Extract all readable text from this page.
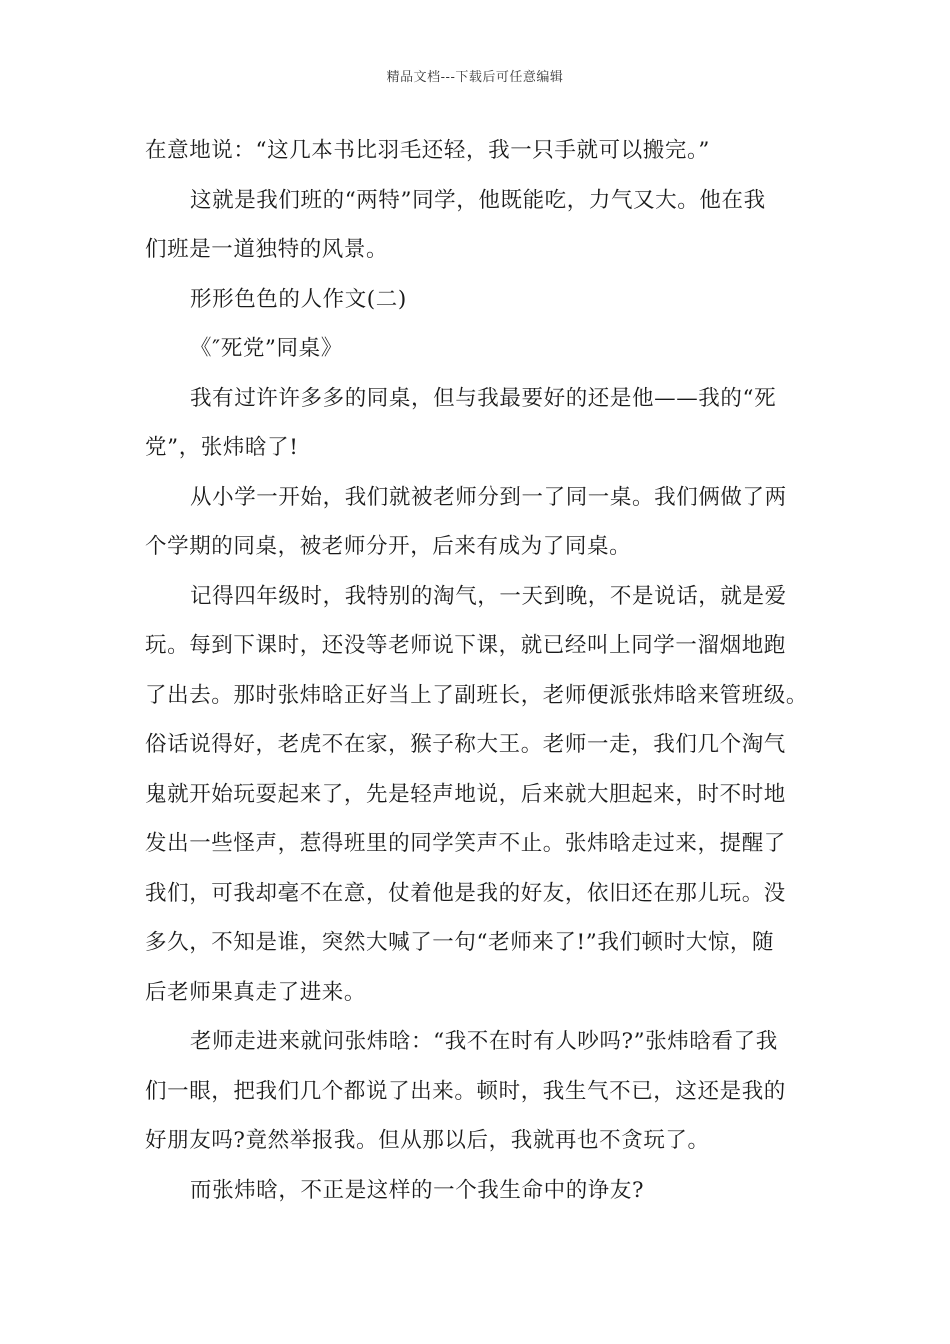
精品文档---下载后可任意编辑
在意地说：“这几本书比羽毛还轻，我一只手就可以搬完。”
这就是我们班的“两特”同学，他既能吃，力气又大。他在我
们班是一道独特的风景。
形形色色的人作文(二)
《″死党”同桌》
我有过许许多多的同桌，但与我最要好的还是他——我的“死
党”，张炜晗了!
从小学一开始，我们就被老师分到一了同一桌。我们俩做了两
个学期的同桌，被老师分开，后来有成为了同桌。
记得四年级时，我特别的淘气，一天到晚，不是说话，就是爱
玩。每到下课时，还没等老师说下课，就已经叫上同学一溜烟地跑
了出去。那时张炜晗正好当上了副班长，老师便派张炜晗来管班级。
俗话说得好，老虎不在家，猴子称大王。老师一走，我们几个淘气
鬼就开始玩耍起来了，先是轻声地说，后来就大胆起来，时不时地
发出一些怪声，惹得班里的同学笑声不止。张炜晗走过来，提醒了
我们，可我却毫不在意，仗着他是我的好友，依旧还在那儿玩。没
多久，不知是谁，突然大喊了一句“老师来了!”我们顿时大惊，随
后老师果真走了进来。
老师走进来就问张炜晗：“我不在时有人吵吗?”张炜晗看了我
们一眼，把我们几个都说了出来。顿时，我生气不已，这还是我的
好朋友吗?竟然举报我。但从那以后，我就再也不贪玩了。
而张炜晗，不正是这样的一个我生命中的诤友?
